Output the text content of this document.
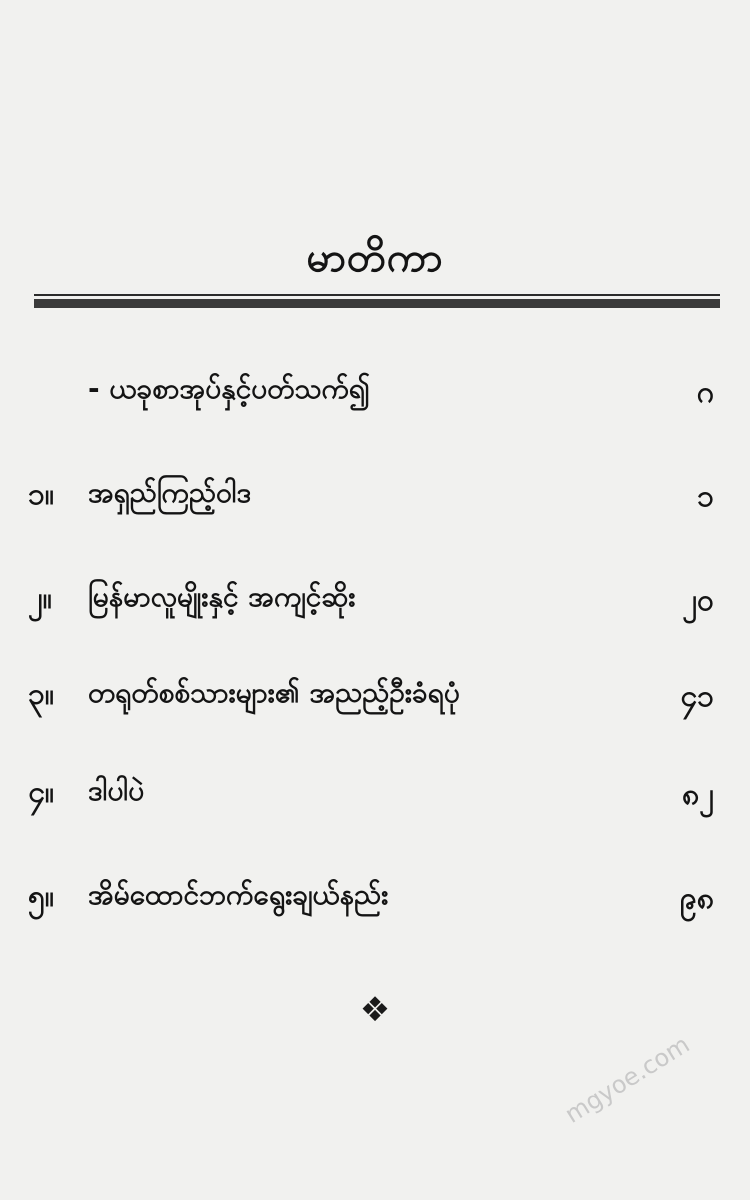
မာတိကာ
- ယခုစာအုပ်နှင့်ပတ်သက်၍	ဂ
၁။ အရှည်ကြည့်ဝါဒ	၁
၂။ မြန်မာလူမျိုးနှင့် အကျင့်ဆိုး	၂၀
၃။ တရုတ်စစ်သားများ၏ အညည့်ဦးခံရပုံ	၄၁
၄။ ဒါပါပဲ	၈၂
၅။ အိမ်ထောင်ဘက်ရွေးချယ်နည်း	၉၈
❖
mgyoe.com
